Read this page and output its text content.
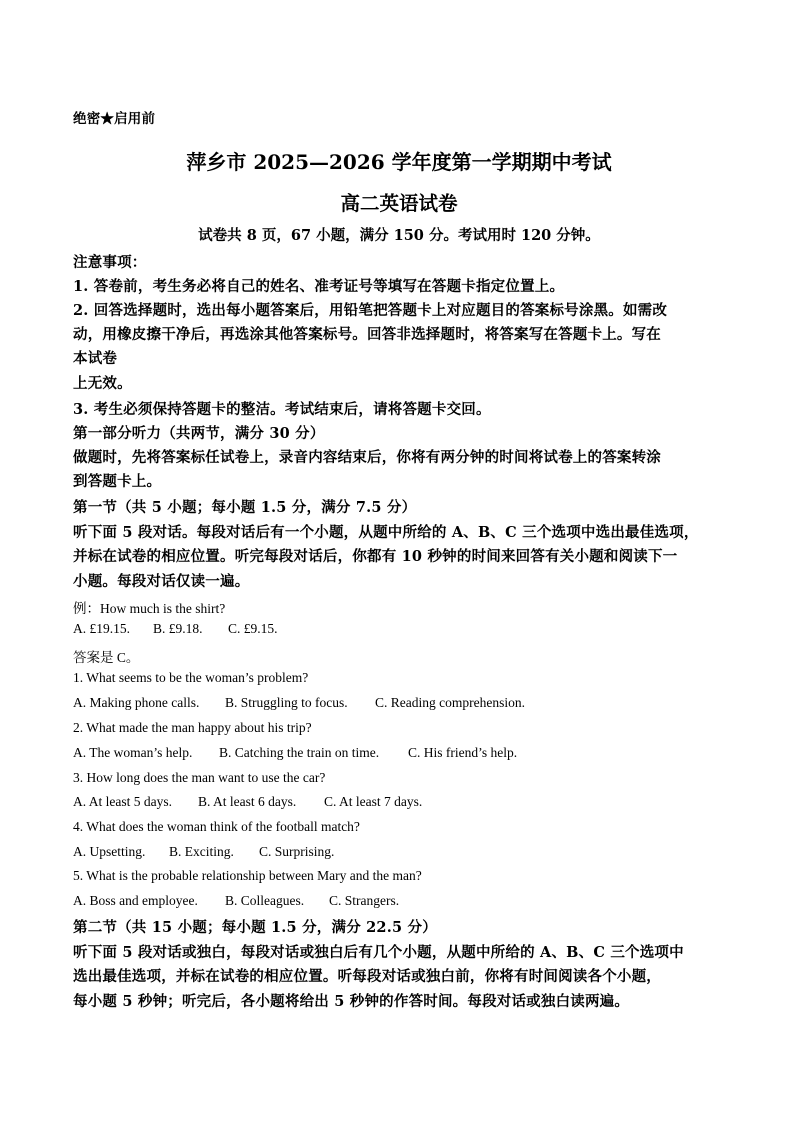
绝密★启用前
萍乡市 2025—2026 学年度第一学期期中考试
高二英语试卷
试卷共 8 页，67 小题，满分 150 分。考试用时 120 分钟。
注意事项：
1. 答卷前，考生务必将自己的姓名、准考证号等填写在答题卡指定位置上。
2. 回答选择题时，选出每小题答案后，用铅笔把答题卡上对应题目的答案标号涂黑。如需改
动，用橡皮擦干净后，再选涂其他答案标号。回答非选择题时，将答案写在答题卡上。写在
本试卷
上无效。
3. 考生必须保持答题卡的整洁。考试结束后，请将答题卡交回。
第一部分听力（共两节，满分 30 分）
做题时，先将答案标任试卷上，录音内容结束后，你将有两分钟的时间将试卷上的答案转涂
到答题卡上。
第一节（共 5 小题；每小题 1.5 分，满分 7.5 分）
听下面 5 段对话。每段对话后有一个小题，从题中所给的 A、B、C 三个选项中选出最佳选项，
并标在试卷的相应位置。听完每段对话后，你都有 10 秒钟的时间来回答有关小题和阅读下一
小题。每段对话仅读一遍。
例：How much is the shirt?
A. £19.15. B. £9.18. C. £9.15.
答案是 C。
1. What seems to be the woman’s problem?
A. Making phone calls. B. Struggling to focus. C. Reading comprehension.
2. What made the man happy about his trip?
A. The woman’s help. B. Catching the train on time. C. His friend’s help.
3. How long does the man want to use the car?
A. At least 5 days. B. At least 6 days. C. At least 7 days.
4. What does the woman think of the football match?
A. Upsetting. B. Exciting. C. Surprising.
5. What is the probable relationship between Mary and the man?
A. Boss and employee. B. Colleagues. C. Strangers.
第二节（共 15 小题；每小题 1.5 分，满分 22.5 分）
听下面 5 段对话或独白，每段对话或独白后有几个小题，从题中所给的 A、B、C 三个选项中
选出最佳选项，并标在试卷的相应位置。听每段对话或独白前，你将有时间阅读各个小题，
每小题 5 秒钟；听完后，各小题将给出 5 秒钟的作答时间。每段对话或独白读两遍。
